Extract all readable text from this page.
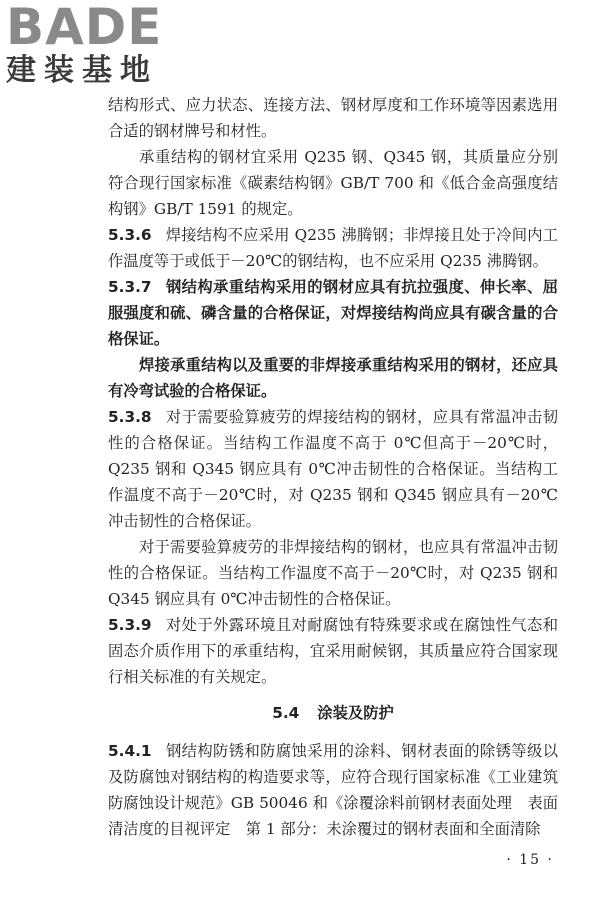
BADE
建装基地

结构形式、应力状态、连接方法、钢材厚度和工作环境等因素选用合适的钢材牌号和材性。

承重结构的钢材宜采用 Q235 钢、Q345 钢，其质量应分别符合现行国家标准《碳素结构钢》GB/T 700 和《低合金高强度结构钢》GB/T 1591 的规定。

5.3.6 焊接结构不应采用 Q235 沸腾钢；非焊接且处于冷间内工作温度等于或低于－20℃的钢结构，也不应采用 Q235 沸腾钢。

5.3.7 钢结构承重结构采用的钢材应具有抗拉强度、伸长率、屈服强度和硫、磷含量的合格保证，对焊接结构尚应具有碳含量的合格保证。

焊接承重结构以及重要的非焊接承重结构采用的钢材，还应具有冷弯试验的合格保证。

5.3.8 对于需要验算疲劳的焊接结构的钢材，应具有常温冲击韧性的合格保证。当结构工作温度不高于 0℃但高于－20℃时，Q235 钢和 Q345 钢应具有 0℃冲击韧性的合格保证。当结构工作温度不高于－20℃时，对 Q235 钢和 Q345 钢应具有－20℃冲击韧性的合格保证。

对于需要验算疲劳的非焊接结构的钢材，也应具有常温冲击韧性的合格保证。当结构工作温度不高于－20℃时，对 Q235 钢和 Q345 钢应具有 0℃冲击韧性的合格保证。

5.3.9 对处于外露环境且对耐腐蚀有特殊要求或在腐蚀性气态和固态介质作用下的承重结构，宜采用耐候钢，其质量应符合国家现行相关标准的有关规定。

5.4 涂装及防护

5.4.1 钢结构防锈和防腐蚀采用的涂料、钢材表面的除锈等级以及防腐蚀对钢结构的构造要求等，应符合现行国家标准《工业建筑防腐蚀设计规范》GB 50046 和《涂覆涂料前钢材表面处理　表面清洁度的目视评定　第 1 部分：未涂覆过的钢材表面和全面清除

· 15 ·
